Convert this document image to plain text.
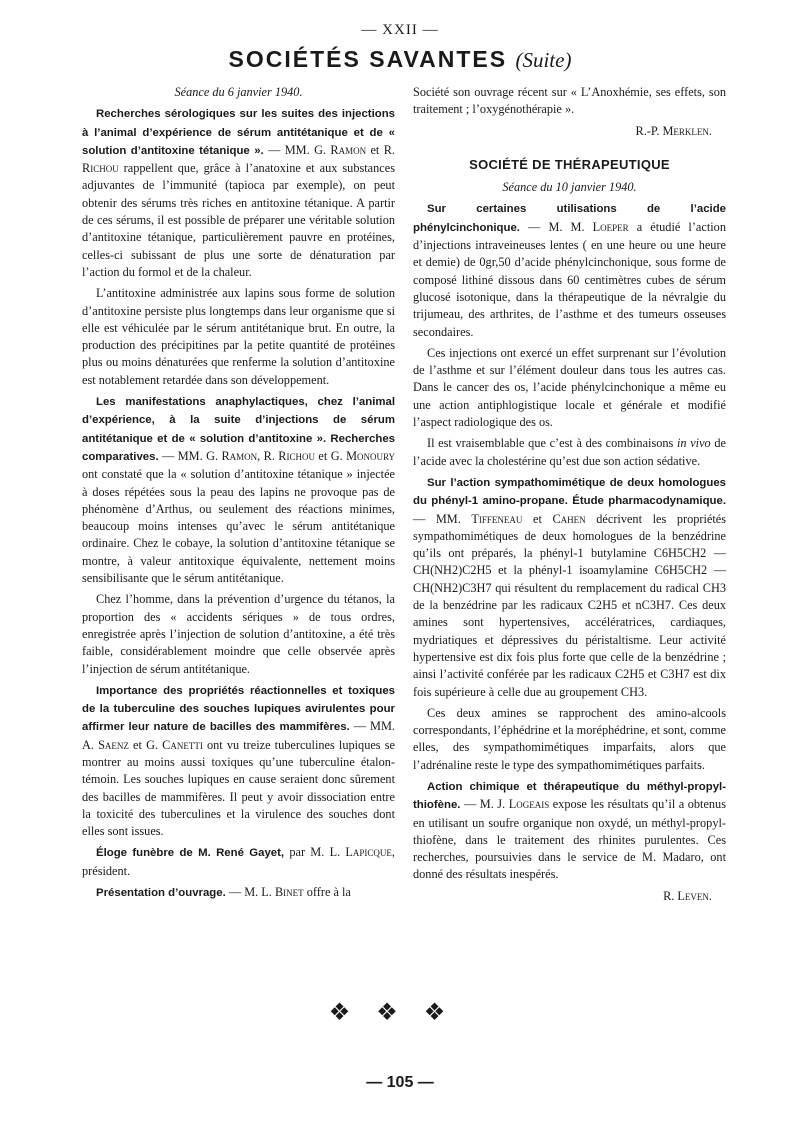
— XXII —
SOCIÉTÉS SAVANTES (Suite)

Séance du 6 janvier 1940.

Recherches sérologiques sur les suites des injections à l’animal d’expérience de sérum antitétanique et de « solution d’antitoxine tétanique ». — MM. G. Ramon et R. Richou rappellent que, grâce à l’anatoxine et aux substances adjuvantes de l’immunité (tapioca par exemple), on peut obtenir des sérums très riches en antitoxine tétanique. A partir de ces sérums, il est possible de préparer une véritable solution d’antitoxine tétanique, particulièrement pauvre en protéines, celles-ci subissant de plus une sorte de dénaturation par l’action du formol et de la chaleur.

L’antitoxine administrée aux lapins sous forme de solution d’antitoxine persiste plus longtemps dans leur organisme que si elle est véhiculée par le sérum antitétanique brut. En outre, la production des précipitines par la petite quantité de protéines plus ou moins dénaturées que renferme la solution d’antitoxine est notablement retardée dans son développement.

Les manifestations anaphylactiques, chez l’animal d’expérience, à la suite d’injections de sérum antitétanique et de « solution d’antitoxine ». Recherches comparatives. — MM. G. Ramon, R. Richou et G. Monoury ont constaté que la « solution d’antitoxine tétanique » injectée à doses répétées sous la peau des lapins ne provoque pas de phénomène d’Arthus, ou seulement des réactions minimes, beaucoup moins intenses qu’avec le sérum antitétanique ordinaire. Chez le cobaye, la solution d’antitoxine tétanique se montre, à valeur antitoxique équivalente, nettement moins sensibilisante que le sérum antitétanique.

Chez l’homme, dans la prévention d’urgence du tétanos, la proportion des « accidents sériques » de tous ordres, enregistrée après l’injection de solution d’antitoxine, a été très faible, considérablement moindre que celle observée après l’injection de sérum antitétanique.

Importance des propriétés réactionnelles et toxiques de la tuberculine des souches lupiques avirulentes pour affirmer leur nature de bacilles des mammifères. — MM. A. Saenz et G. Canetti ont vu treize tuberculines lupiques se montrer au moins aussi toxiques qu’une tuberculine étalon-témoin. Les souches lupiques en cause seraient donc sûrement des bacilles de mammifères. Il peut y avoir dissociation entre la toxicité des tuberculines et la virulence des souches dont elles sont issues.

Éloge funèbre de M. René Gayet, par M. L. Lapicque, président.

Présentation d’ouvrage. — M. L. Binet offre à la

Société son ouvrage récent sur « L’Anoxhémie, ses effets, son traitement ; l’oxygénothérapie ».

R.-P. Merklen.

SOCIÉTÉ DE THÉRAPEUTIQUE

Séance du 10 janvier 1940.

Sur certaines utilisations de l’acide phénylcinchonique. — M. M. Loeper a étudié l’action d’injections intraveineuses lentes ( en une heure ou une heure et demie) de 0gr,50 d’acide phénylcinchonique, sous forme de composé lithiné dissous dans 60 centimètres cubes de sérum glucosé isotonique, dans la thérapeutique de la névralgie du trijumeau, des arthrites, de l’asthme et des tumeurs osseuses secondaires.

Ces injections ont exercé un effet surprenant sur l’évolution de l’asthme et sur l’élément douleur dans tous les autres cas. Dans le cancer des os, l’acide phénylcinchonique a même eu une action antiphlogistique locale et générale et modifié l’aspect radiologique des os.

Il est vraisemblable que c’est à des combinaisons in vivo de l’acide avec la cholestérine qu’est due son action sédative.

Sur l’action sympathomimétique de deux homologues du phényl-1 amino-propane. Étude pharmacodynamique. — MM. Tiffeneau et Cahen décrivent les propriétés sympathomimétiques de deux homologues de la benzédrine qu’ils ont préparés, la phényl-1 butylamine C6H5CH2 — CH(NH2)C2H5 et la phényl-1 isoamylamine C6H5CH2 — CH(NH2)C3H7 qui résultent du remplacement du radical CH3 de la benzédrine par les radicaux C2H5 et nC3H7. Ces deux amines sont hypertensives, accélératrices, cardiaques, mydriatiques et dépressives du péristaltisme. Leur activité hypertensive est dix fois plus forte que celle de la benzédrine ; ainsi l’activité conférée par les radicaux C2H5 et C3H7 est dix fois supérieure à celle due au groupement CH3.

Ces deux amines se rapprochent des amino-alcools correspondants, l’éphédrine et la moréphédrine, et sont, comme elles, des sympathomimétiques imparfaits, alors que l’adrénaline reste le type des sympathomimétiques parfaits.

Action chimique et thérapeutique du méthyl-propyl-thiofène. — M. J. Logeais expose les résultats qu’il a obtenus en utilisant un soufre organique non oxydé, un méthyl-propyl-thiofène, dans le traitement des rhinites purulentes. Ces recherches, poursuivies dans le service de M. Madaro, ont donné des résultats inespérés.

R. Leven.

❖❖❖
— 105 —
